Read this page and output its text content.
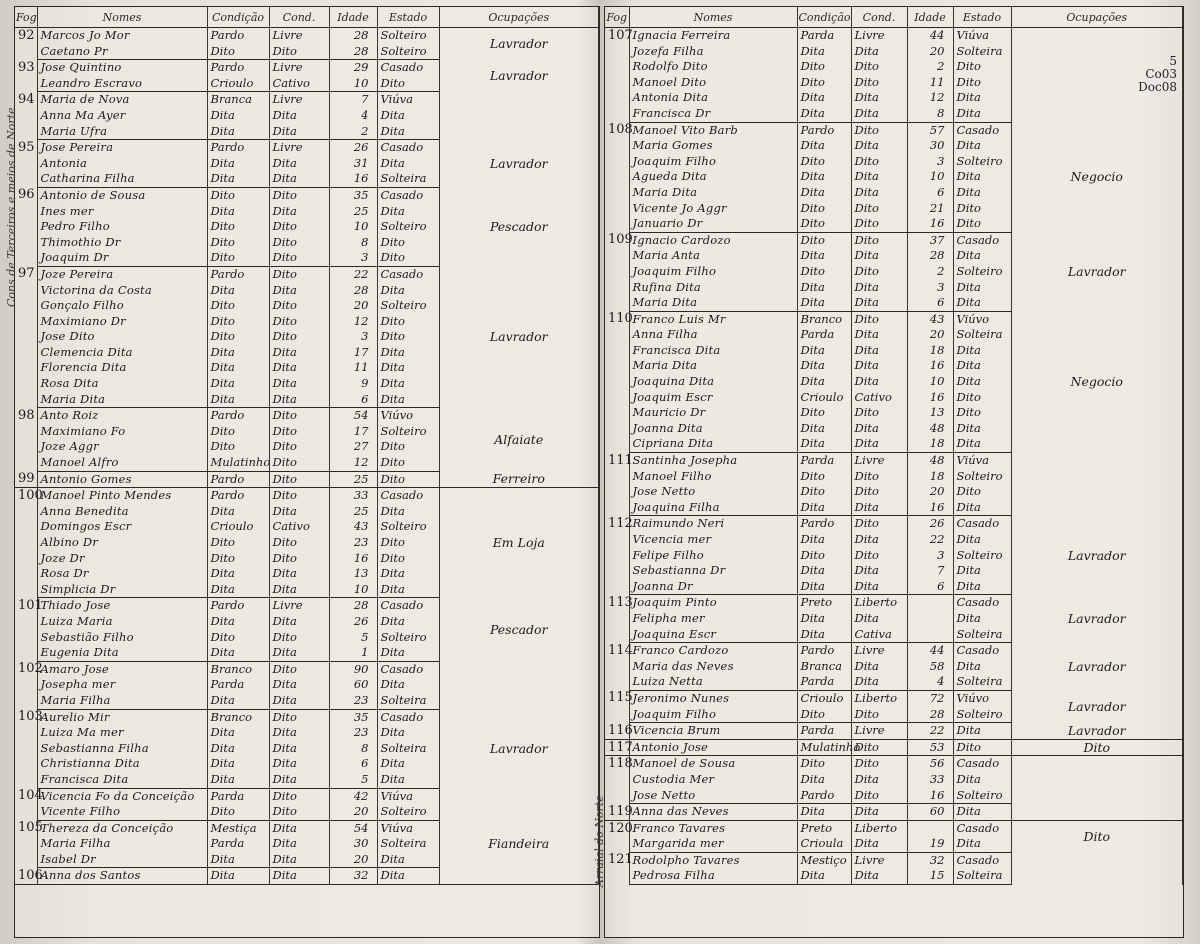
Cons de Terceiros e meios de Norte
Fog	Nomes	Condição	Cond.	Idade	Estado	Ocupações
92	Marcos Jo Mor	Pardo	Livre	28	Solteiro	Lavrador
	Caetano Pr	Dito	Dito	28	Solteiro	
93	Jose Quintino	Pardo	Livre	29	Casado	Lavrador
	Leandro Escravo	Crioulo	Cativo	10	Dito	
94	Maria de Nova	Branca	Livre	7	Viúva	
	Anna Ma Ayer	Dita	Dita	4	Dita	
	Maria Ufra	Dita	Dita	2	Dita	
95	Jose Pereira	Pardo	Livre	26	Casado	Lavrador
	Antonia	Dita	Dita	31	Dita	
	Catharina Filha	Dita	Dita	16	Solteira	
96	Antonio de Sousa	Dito	Dito	35	Casado	Pescador
	Ines mer	Dita	Dita	25	Dita	
	Pedro Filho	Dito	Dito	10	Solteiro	
	Thimothio Dr	Dito	Dito	8	Dito	
	Joaquim Dr	Dito	Dito	3	Dito	
97	Joze Pereira	Pardo	Dito	22	Casado	Lavrador
	Victorina da Costa	Dita	Dita	28	Dita	
	Gonçalo Filho	Dito	Dito	20	Solteiro	
	Maximiano Dr	Dito	Dito	12	Dito	
	Jose Dito	Dito	Dito	3	Dito	
	Clemencia Dita	Dita	Dita	17	Dita	
	Florencia Dita	Dita	Dita	11	Dita	
	Rosa Dita	Dita	Dita	9	Dita	
	Maria Dita	Dita	Dita	6	Dita	
98	Anto Roiz	Pardo	Dito	54	Viúvo	Alfaiate
	Maximiano Fo	Dito	Dito	17	Solteiro	
	Joze Aggr	Dito	Dito	27	Dito	
	Manoel Alfro	Mulatinho	Dito	12	Dito	
99	Antonio Gomes	Pardo	Dito	25	Dito	Ferreiro
100	Manoel Pinto Mendes	Pardo	Dito	33	Casado	Em Loja
	Anna Benedita	Dita	Dita	25	Dita	
	Domingos Escr	Crioulo	Cativo	43	Solteiro	
	Albino Dr	Dito	Dito	23	Dito	
	Joze Dr	Dito	Dito	16	Dito	
	Rosa Dr	Dita	Dita	13	Dita	
	Simplicia Dr	Dita	Dita	10	Dita	
101	Thiado Jose	Pardo	Livre	28	Casado	Pescador
	Luiza Maria	Dita	Dita	26	Dita	
	Sebastião Filho	Dito	Dito	5	Solteiro	
	Eugenia Dita	Dita	Dita	1	Dita	
102	Amaro Jose	Branco	Dito	90	Casado	
	Josepha mer	Parda	Dita	60	Dita	
	Maria Filha	Dita	Dita	23	Solteira	
103	Aurelio Mir	Branco	Dito	35	Casado	Lavrador
	Luiza Ma mer	Dita	Dita	23	Dita	
	Sebastianna Filha	Dita	Dita	8	Solteira	
	Christianna Dita	Dita	Dita	6	Dita	
	Francisca Dita	Dita	Dita	5	Dita	
104	Vicencia Fo da Conceição	Parda	Dito	42	Viúva	
	Vicente Filho	Dito	Dito	20	Solteiro	
105	Thereza da Conceição	Mestiça	Dita	54	Viúva	Fiandeira
	Maria Filha	Parda	Dita	30	Solteira	
	Isabel Dr	Dita	Dita	20	Dita	
106	Anna dos Santos	Dita	Dita	32	Dita	
5
Co03
Doc08
Arraial do Norte
Fog	Nomes	Condição	Cond.	Idade	Estado	Ocupações
107	Ignacia Ferreira	Parda	Livre	44	Viúva	
	Jozefa Filha	Dita	Dita	20	Solteira	
	Rodolfo Dito	Dito	Dito	2	Dito	
	Manoel Dito	Dito	Dito	11	Dito	
	Antonia Dita	Dita	Dita	12	Dita	
	Francisca Dr	Dita	Dita	8	Dita	
108	Manoel Vito Barb	Pardo	Dito	57	Casado	Negocio
	Maria Gomes	Dita	Dita	30	Dita	
	Joaquim Filho	Dito	Dito	3	Solteiro	
	Agueda Dita	Dita	Dita	10	Dita	
	Maria Dita	Dita	Dita	6	Dita	
	Vicente Jo Aggr	Dito	Dito	21	Dito	
	Januario Dr	Dito	Dito	16	Dito	
109	Ignacio Cardozo	Dito	Dito	37	Casado	Lavrador
	Maria Anta	Dita	Dita	28	Dita	
	Joaquim Filho	Dito	Dito	2	Solteiro	
	Rufina Dita	Dita	Dita	3	Dita	
	Maria Dita	Dita	Dita	6	Dita	
110	Franco Luis Mr	Branco	Dito	43	Viúvo	Negocio
	Anna Filha	Parda	Dita	20	Solteira	
	Francisca Dita	Dita	Dita	18	Dita	
	Maria Dita	Dita	Dita	16	Dita	
	Joaquina Dita	Dita	Dita	10	Dita	
	Joaquim Escr	Crioulo	Cativo	16	Dito	
	Mauricio Dr	Dito	Dito	13	Dito	
	Joanna Dita	Dita	Dita	48	Dita	
	Cipriana Dita	Dita	Dita	18	Dita	
111	Santinha Josepha	Parda	Livre	48	Viúva	
	Manoel Filho	Dito	Dito	18	Solteiro	
	Jose Netto	Dito	Dito	20	Dito	
	Joaquina Filha	Dita	Dita	16	Dita	
112	Raimundo Neri	Pardo	Dito	26	Casado	Lavrador
	Vicencia mer	Dita	Dita	22	Dita	
	Felipe Filho	Dito	Dito	3	Solteiro	
	Sebastianna Dr	Dita	Dita	7	Dita	
	Joanna Dr	Dita	Dita	6	Dita	
113	Joaquim Pinto	Preto	Liberto		Casado	Lavrador
	Felipha mer	Dita	Dita		Dita	
	Joaquina Escr	Dita	Cativa		Solteira	
114	Franco Cardozo	Pardo	Livre	44	Casado	Lavrador
	Maria das Neves	Branca	Dita	58	Dita	
	Luiza Netta	Parda	Dita	4	Solteira	
115	Jeronimo Nunes	Crioulo	Liberto	72	Viúvo	Lavrador
	Joaquim Filho	Dito	Dito	28	Solteiro	
116	Vicencia Brum	Parda	Livre	22	Dita	Lavrador
117	Antonio Jose	Mulatinho	Dito	53	Dito	Dito
118	Manoel de Sousa	Dito	Dito	56	Casado	
	Custodia Mer	Dita	Dita	33	Dita	
	Jose Netto	Pardo	Dito	16	Solteiro	
119	Anna das Neves	Dita	Dita	60	Dita	
120	Franco Tavares	Preto	Liberto		Casado	Dito
	Margarida mer	Crioula	Dita	19	Dita	
121	Rodolpho Tavares	Mestiço	Livre	32	Casado	
	Pedrosa Filha	Dita	Dita	15	Solteira	
